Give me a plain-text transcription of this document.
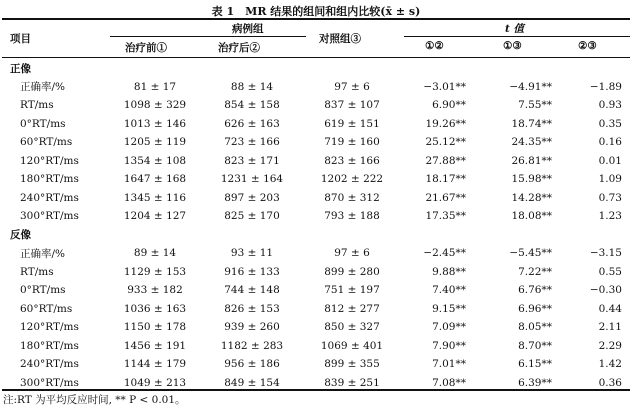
表 1　MR 结果的组间和组内比较(x̄ ± s)
项目
病例组
治疗前①	治疗后②
对照组③
t 值
①②	①③	②③
正像
正确率/%	81 ± 17	88 ± 14	97 ± 6	−3.01**	−4.91**	−1.89
RT/ms	1098 ± 329	854 ± 158	837 ± 107	6.90**	7.55**	0.93
0°RT/ms	1013 ± 146	626 ± 163	619 ± 151	19.26**	18.74**	0.35
60°RT/ms	1205 ± 119	723 ± 166	719 ± 160	25.12**	24.35**	0.16
120°RT/ms	1354 ± 108	823 ± 171	823 ± 166	27.88**	26.81**	0.01
180°RT/ms	1647 ± 168	1231 ± 164	1202 ± 222	18.17**	15.98**	1.09
240°RT/ms	1345 ± 116	897 ± 203	870 ± 312	21.67**	14.28**	0.73
300°RT/ms	1204 ± 127	825 ± 170	793 ± 188	17.35**	18.08**	1.23
反像
正确率/%	89 ± 14	93 ± 11	97 ± 6	−2.45**	−5.45**	−3.15
RT/ms	1129 ± 153	916 ± 133	899 ± 280	9.88**	7.22**	0.55
0°RT/ms	933 ± 182	744 ± 148	751 ± 197	7.40**	6.76**	−0.30
60°RT/ms	1036 ± 163	826 ± 153	812 ± 277	9.15**	6.96**	0.44
120°RT/ms	1150 ± 178	939 ± 260	850 ± 327	7.09**	8.05**	2.11
180°RT/ms	1456 ± 191	1182 ± 283	1069 ± 401	7.90**	8.70**	2.29
240°RT/ms	1144 ± 179	956 ± 186	899 ± 355	7.01**	6.15**	1.42
300°RT/ms	1049 ± 213	849 ± 154	839 ± 251	7.08**	6.39**	0.36
注:RT 为平均反应时间, ** P < 0.01。
